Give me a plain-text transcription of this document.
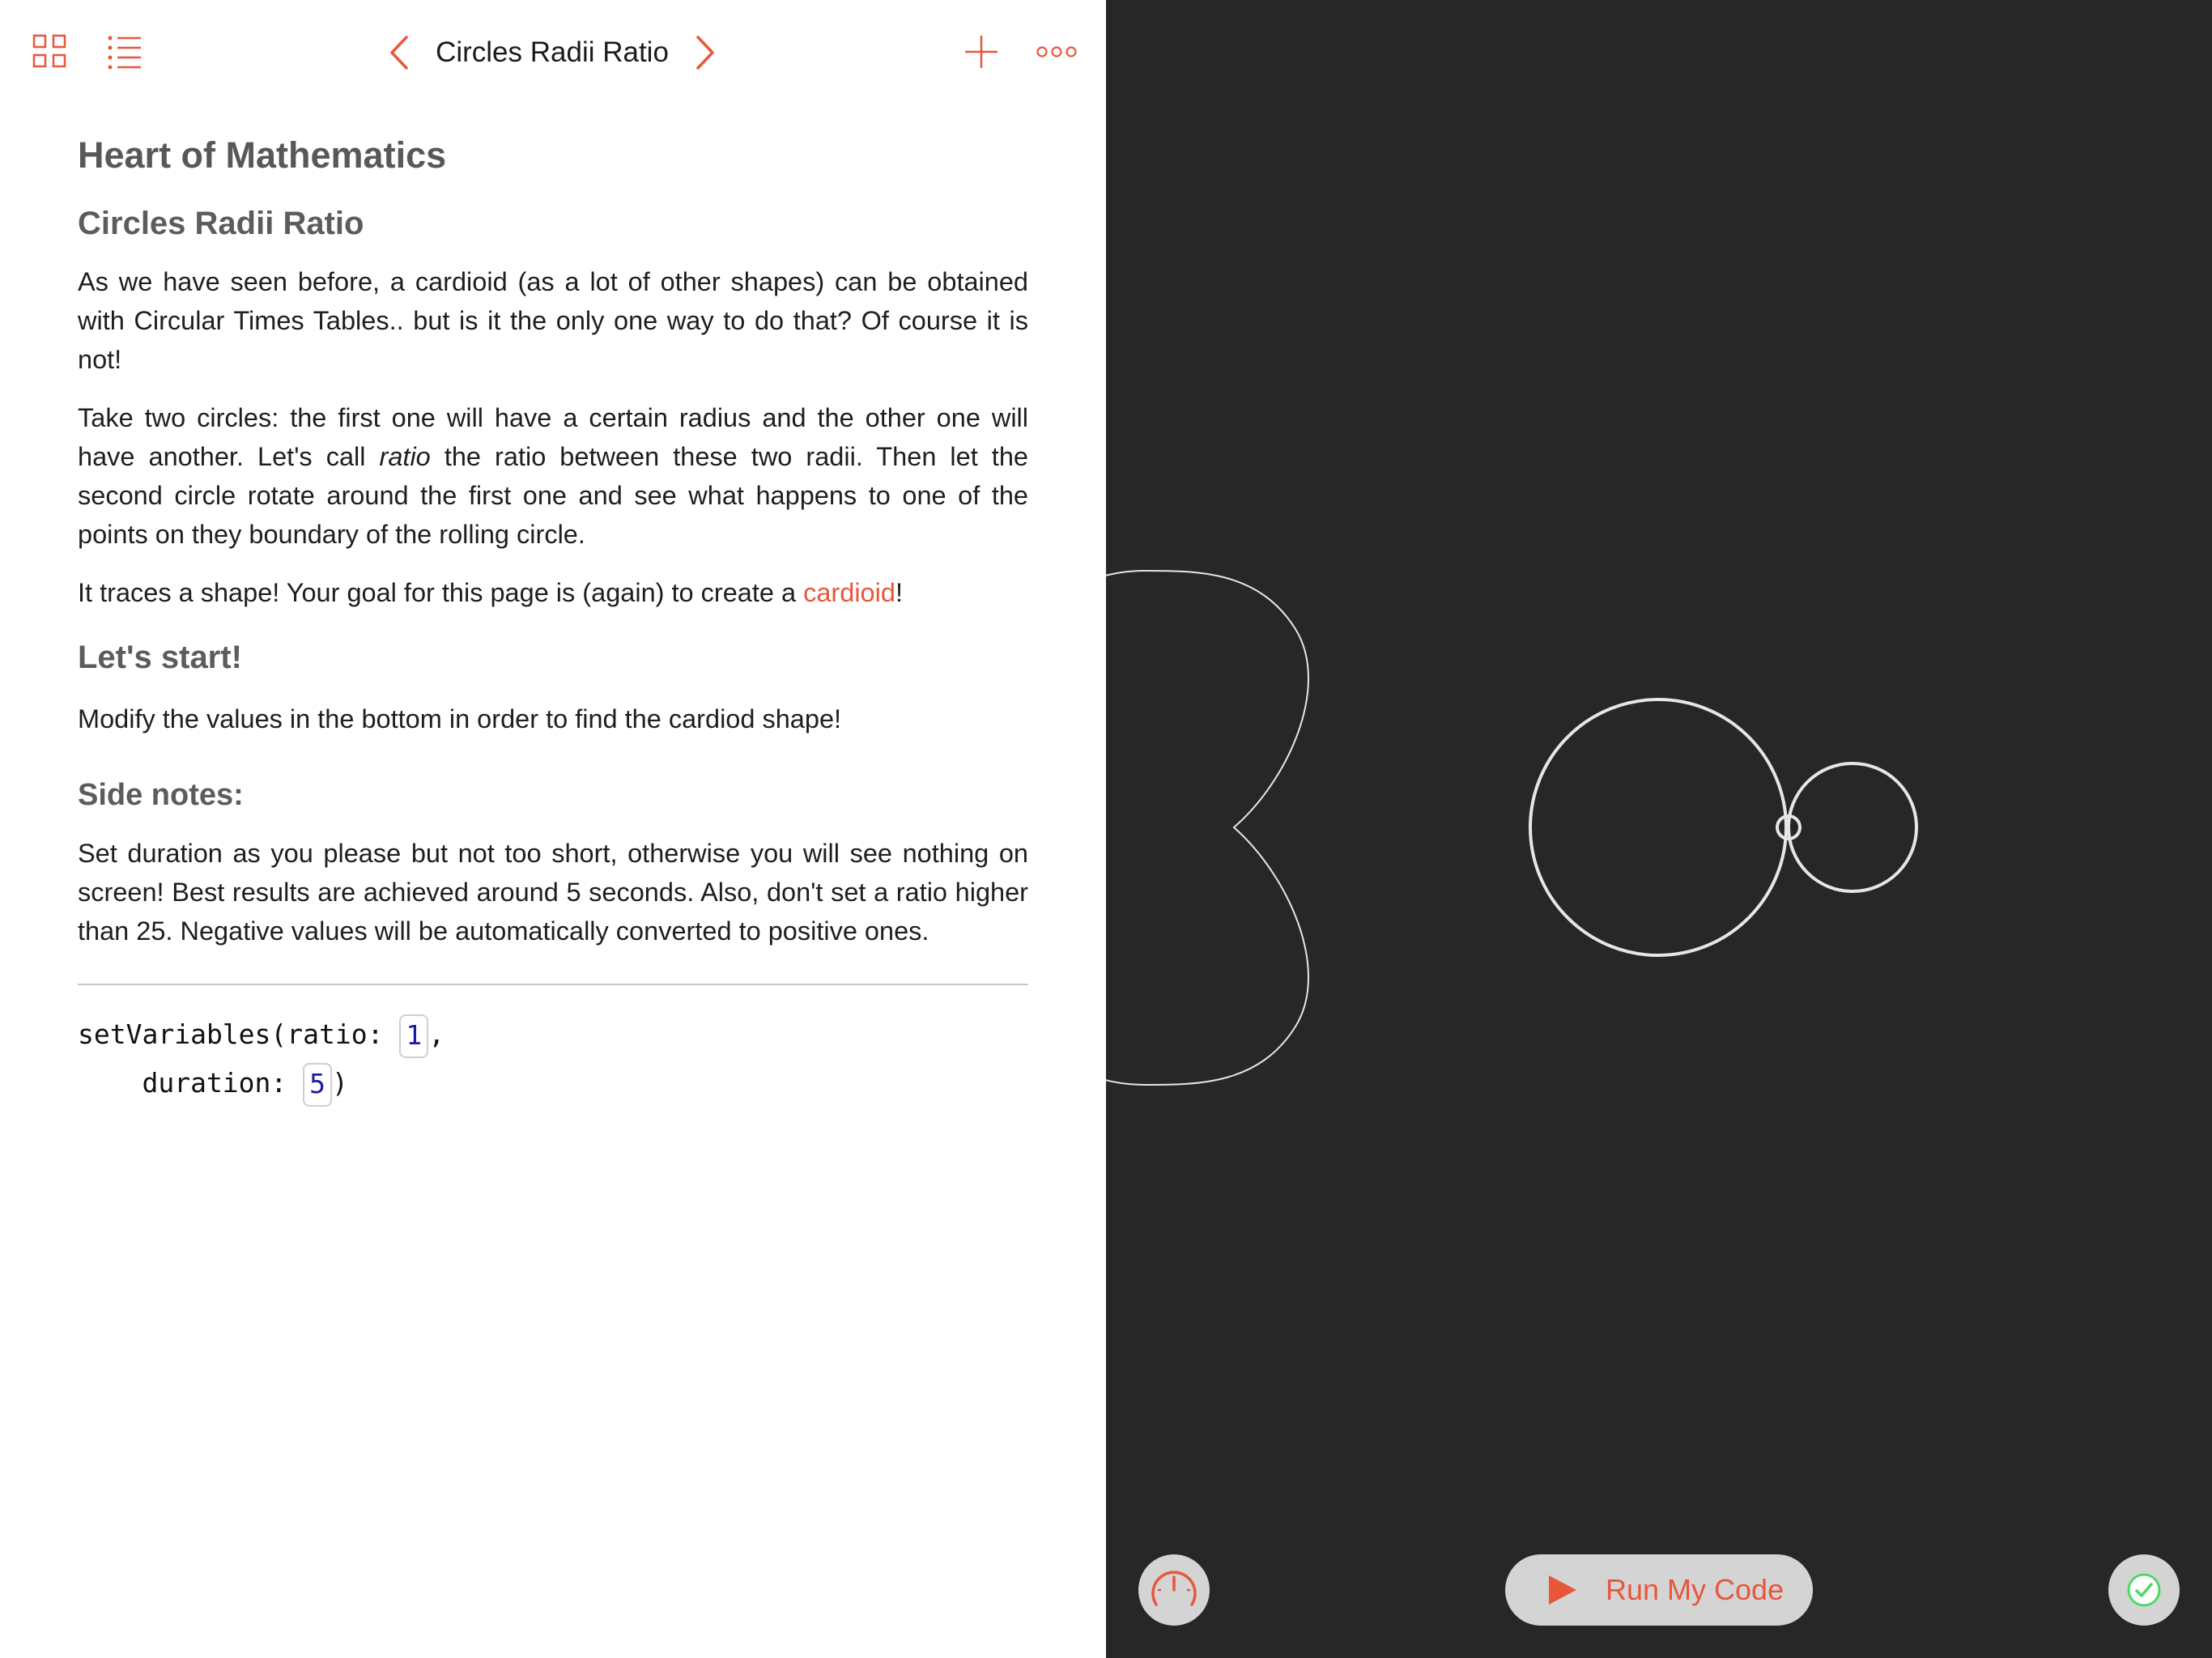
Circles Radii Ratio
Heart of Mathematics
Circles Radii Ratio

As we have seen before, a cardioid (as a lot of other shapes) can be obtained with Circular Times Tables.. but is it the only one way to do that? Of course it is not!

Take two circles: the first one will have a certain radius and the other one will have another. Let's call ratio the ratio between these two radii. Then let the second circle rotate around the first one and see what happens to one of the points on they boundary of the rolling circle.

It traces a shape! Your goal for this page is (again) to create a cardioid!

Let's start!

Modify the values in the bottom in order to find the cardiod shape!

Side notes:

Set duration as you please but not too short, otherwise you will see nothing on screen! Best results are achieved around 5 seconds. Also, don't set a ratio higher than 25. Negative values will be automatically converted to positive ones.

setVariables(ratio: 1 ,
duration: 5 )
Run My Code
